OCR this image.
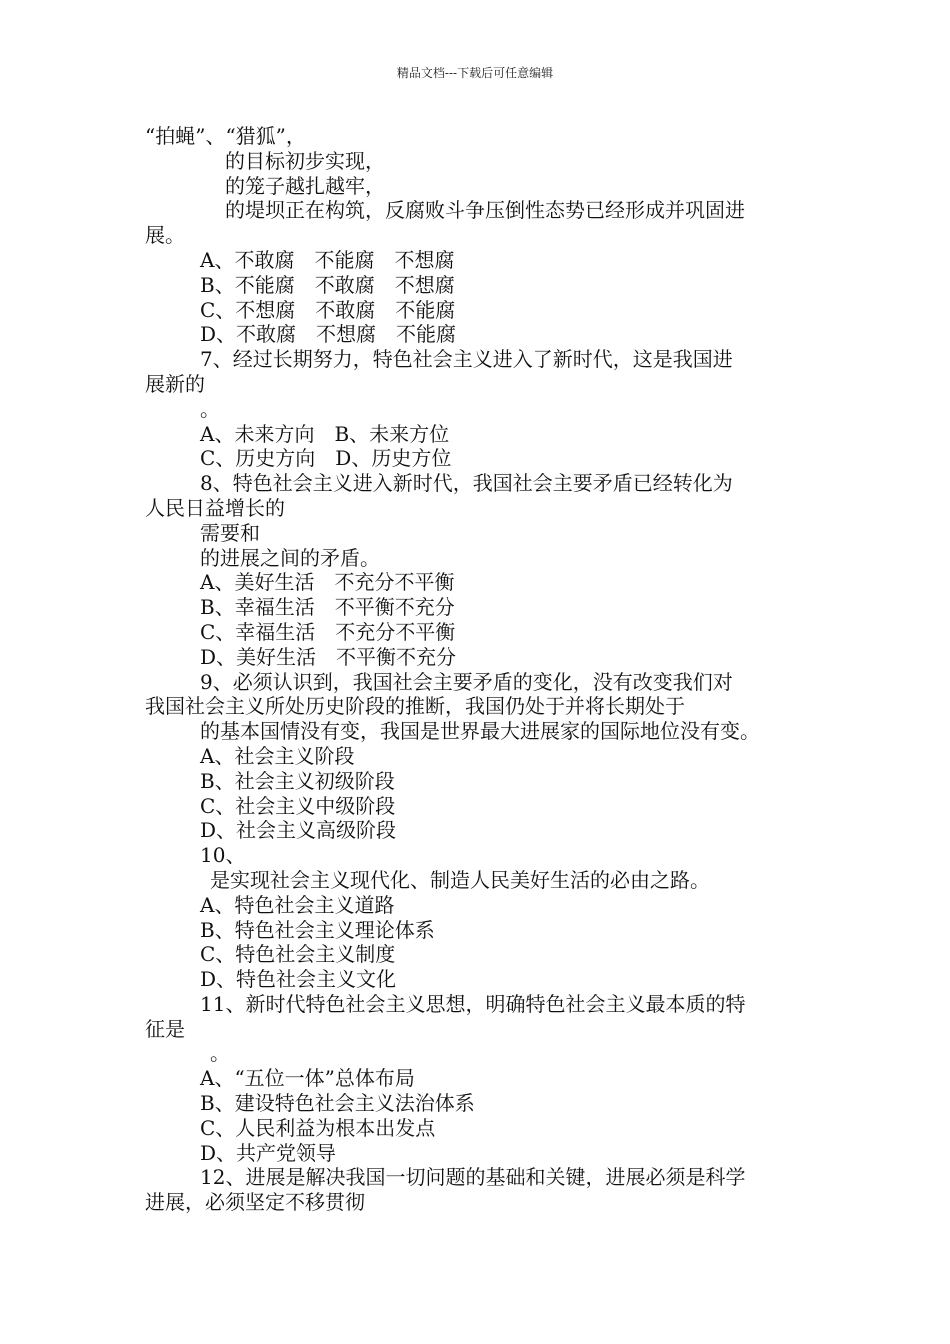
精品文档---下载后可任意编辑
“拍蝇”、“猎狐”，
的目标初步实现，
的笼子越扎越牢，
的堤坝正在构筑，反腐败斗争压倒性态势已经形成并巩固进
展。
A、不敢腐　不能腐　不想腐
B、不能腐　不敢腐　不想腐
C、不想腐　不敢腐　不能腐
D、不敢腐　不想腐　不能腐
7、经过长期努力，特色社会主义进入了新时代，这是我国进
展新的
。
A、未来方向　B、未来方位
C、历史方向　D、历史方位
8、特色社会主义进入新时代，我国社会主要矛盾已经转化为
人民日益增长的
需要和
的进展之间的矛盾。
A、美好生活　不充分不平衡
B、幸福生活　不平衡不充分
C、幸福生活　不充分不平衡
D、美好生活　不平衡不充分
9、必须认识到，我国社会主要矛盾的变化，没有改变我们对
我国社会主义所处历史阶段的推断，我国仍处于并将长期处于
的基本国情没有变，我国是世界最大进展家的国际地位没有变。
A、社会主义阶段
B、社会主义初级阶段
C、社会主义中级阶段
D、社会主义高级阶段
10、
是实现社会主义现代化、制造人民美好生活的必由之路。
A、特色社会主义道路
B、特色社会主义理论体系
C、特色社会主义制度
D、特色社会主义文化
11、新时代特色社会主义思想，明确特色社会主义最本质的特
征是
。
A、“五位一体”总体布局
B、建设特色社会主义法治体系
C、人民利益为根本出发点
D、共产党领导
12、进展是解决我国一切问题的基础和关键，进展必须是科学
进展，必须坚定不移贯彻
